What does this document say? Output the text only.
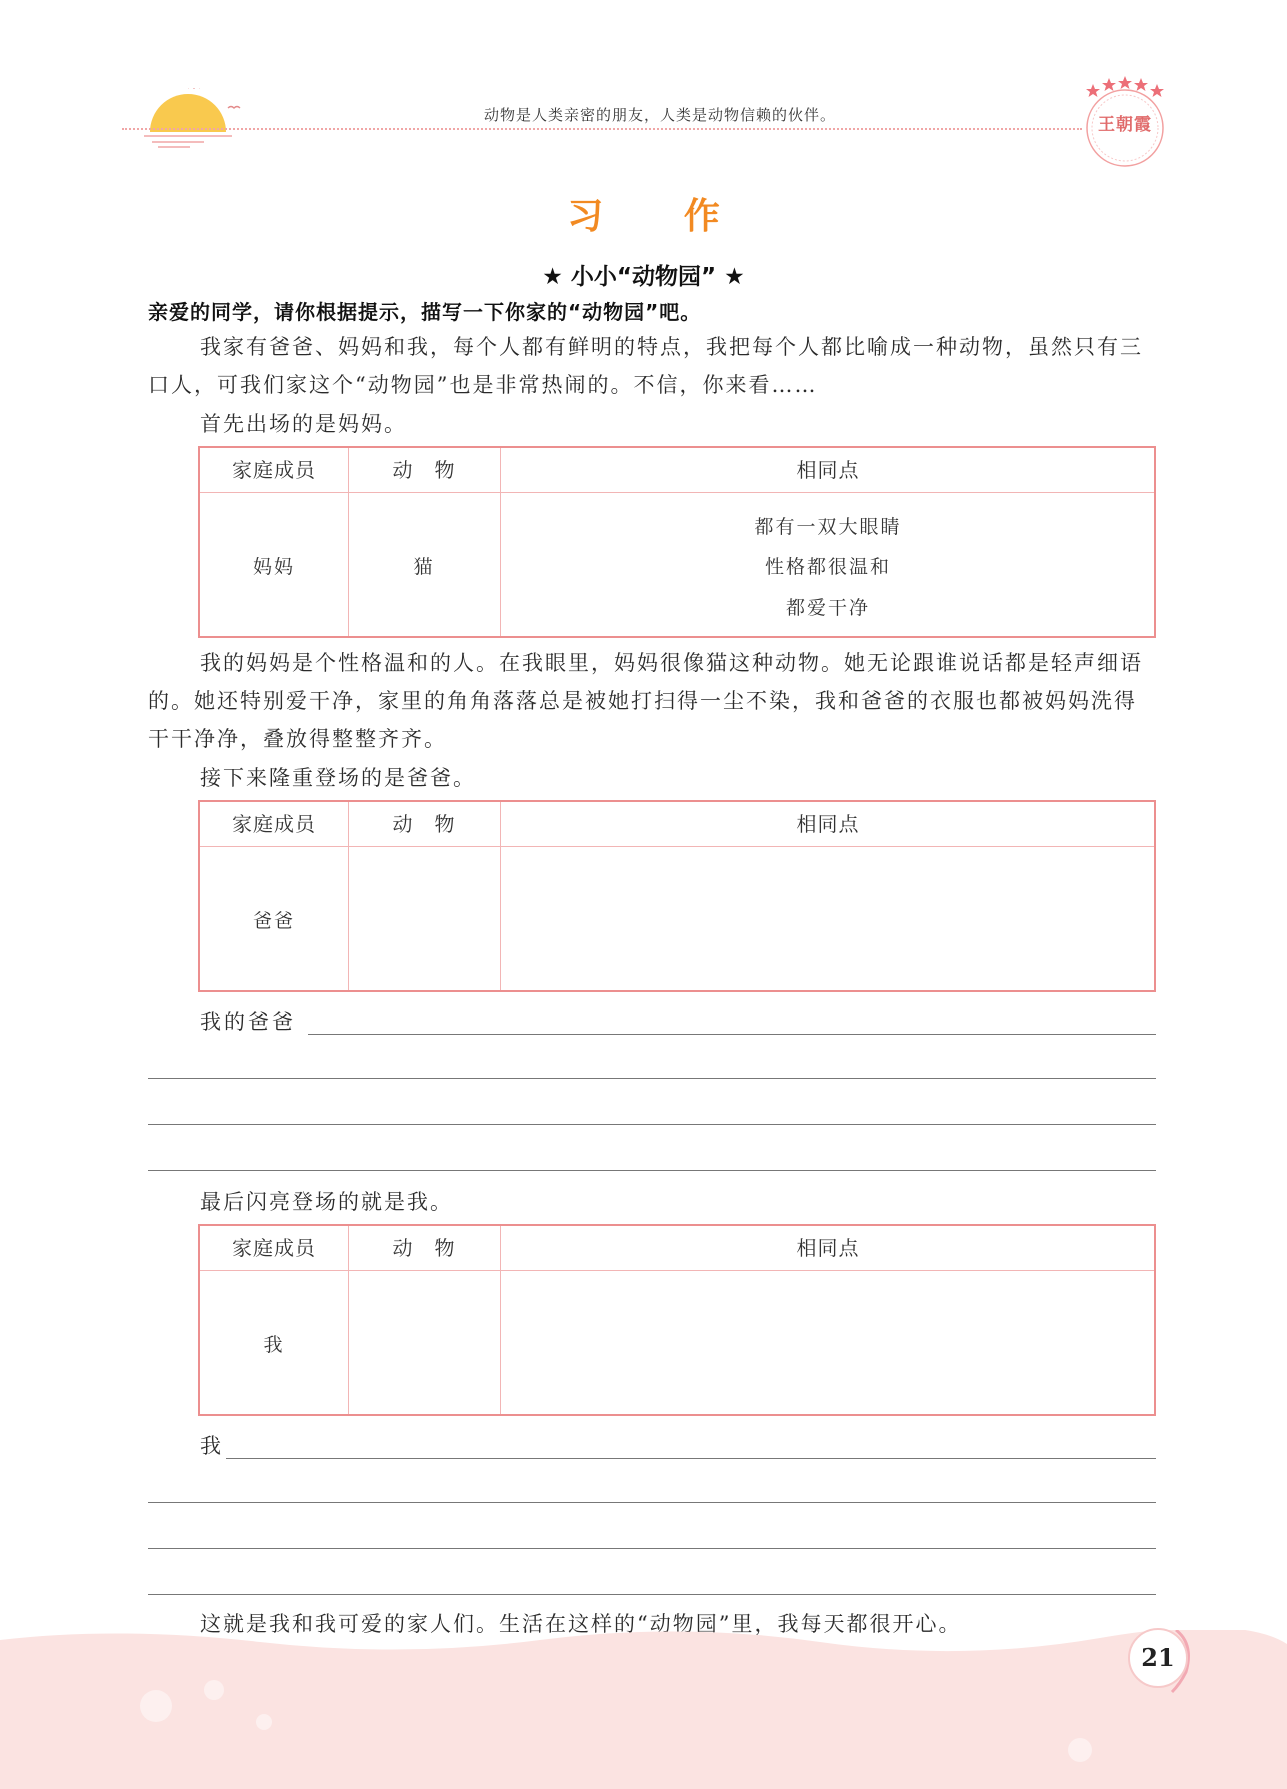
动物是人类亲密的朋友，人类是动物信赖的伙伴。	王朝霞
习 作
★ 小小“动物园” ★
亲爱的同学，请你根据提示，描写一下你家的“动物园”吧。
我家有爸爸、妈妈和我，每个人都有鲜明的特点，我把每个人都比喻成一种动物，虽然只有三口人，可我们家这个“动物园”也是非常热闹的。不信，你来看……
首先出场的是妈妈。
家庭成员	动　物	相同点
妈妈	猫
都有一双大眼睛
性格都很温和
都爱干净
我的妈妈是个性格温和的人。在我眼里，妈妈很像猫这种动物。她无论跟谁说话都是轻声细语的。她还特别爱干净，家里的角角落落总是被她打扫得一尘不染，我和爸爸的衣服也都被妈妈洗得干干净净，叠放得整整齐齐。
接下来隆重登场的是爸爸。
家庭成员	动　物	相同点
爸爸
我的爸爸
最后闪亮登场的就是我。
家庭成员	动　物	相同点
我
我
这就是我和我可爱的家人们。生活在这样的“动物园”里，我每天都很开心。
21
